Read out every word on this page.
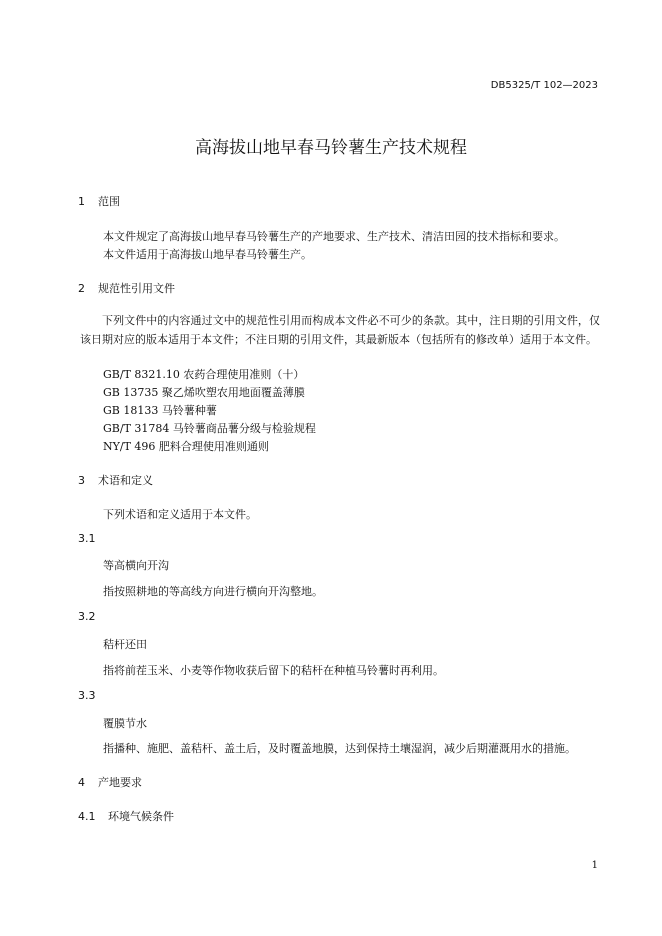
DB5325/T 102—2023
高海拔山地早春马铃薯生产技术规程
1 范围
本文件规定了高海拔山地早春马铃薯生产的产地要求、生产技术、清洁田园的技术指标和要求。
本文件适用于高海拔山地早春马铃薯生产。
2 规范性引用文件
下列文件中的内容通过文中的规范性引用而构成本文件必不可少的条款。其中，注日期的引用文件，仅该日期对应的版本适用于本文件；不注日期的引用文件，其最新版本（包括所有的修改单）适用于本文件。
GB/T 8321.10 农药合理使用准则（十）
GB 13735 聚乙烯吹塑农用地面覆盖薄膜
GB 18133 马铃薯种薯
GB/T 31784 马铃薯商品薯分级与检验规程
NY/T 496 肥料合理使用准则通则
3 术语和定义
下列术语和定义适用于本文件。
3.1
等高横向开沟
指按照耕地的等高线方向进行横向开沟整地。
3.2
秸杆还田
指将前茬玉米、小麦等作物收获后留下的秸杆在种植马铃薯时再利用。
3.3
覆膜节水
指播种、施肥、盖秸杆、盖土后，及时覆盖地膜，达到保持土壤湿润，减少后期灌溉用水的措施。
4 产地要求
4.1 环境气候条件
1
